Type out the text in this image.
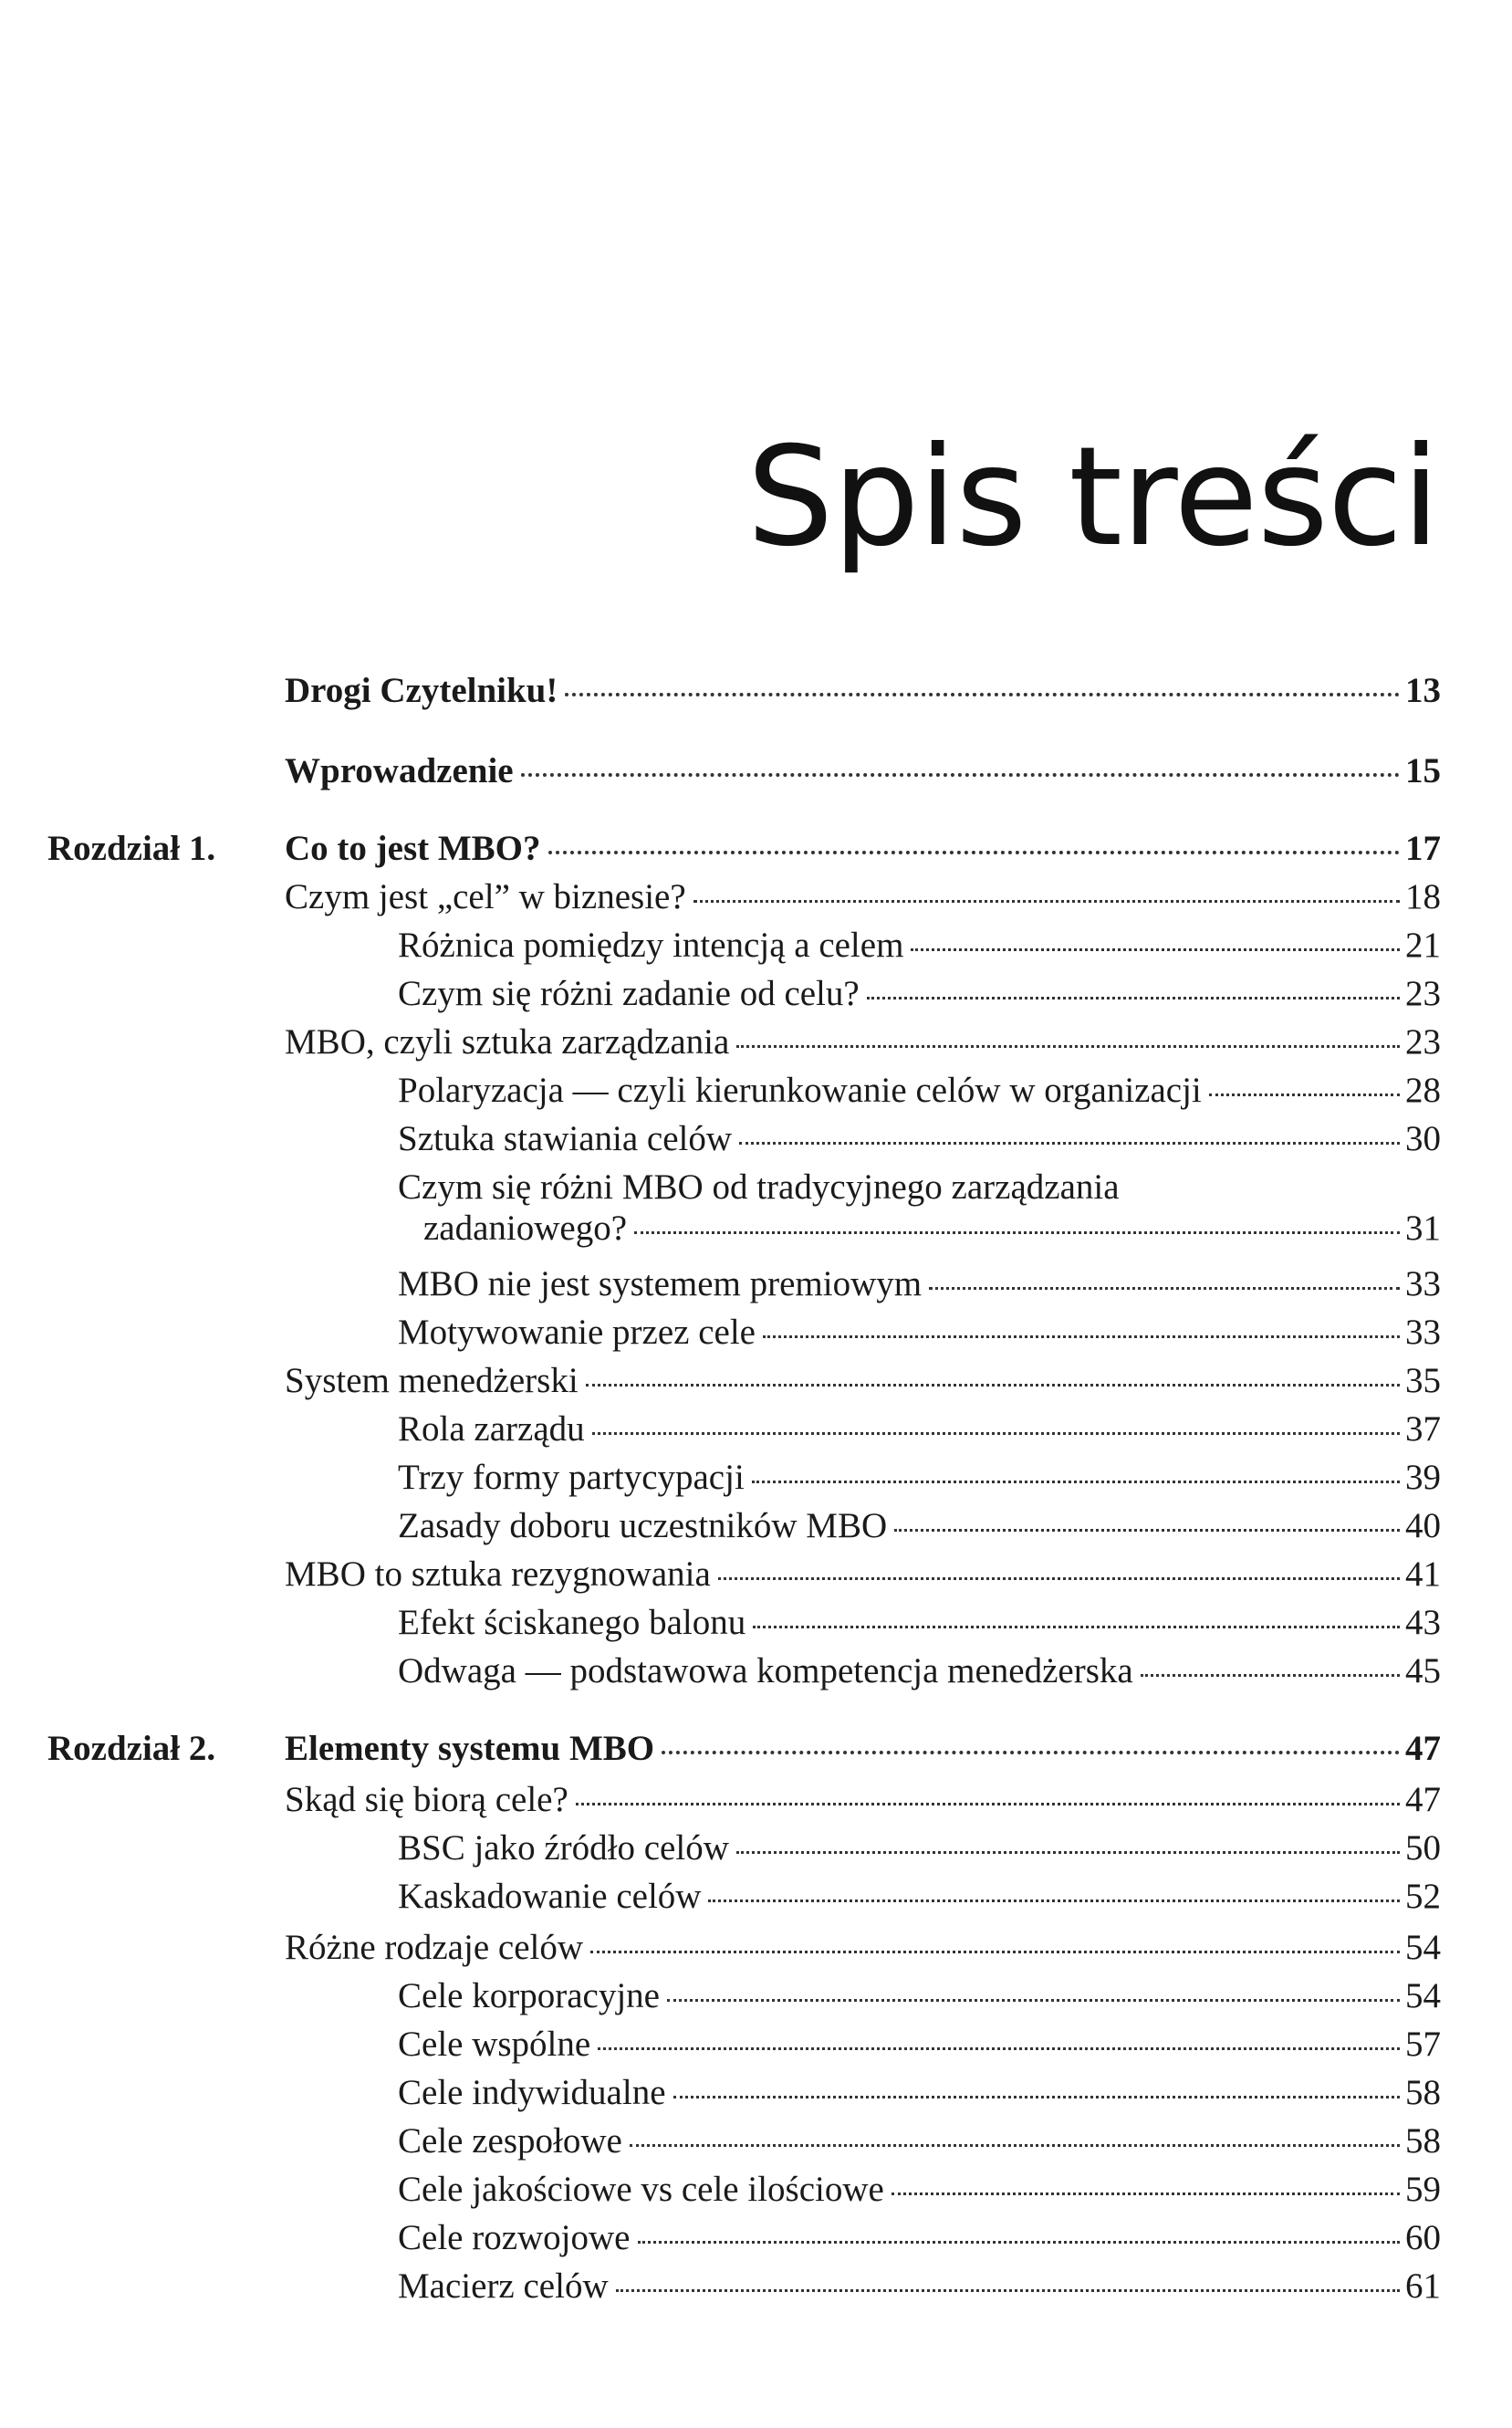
Spis treści
Drogi Czytelniku!	13
Wprowadzenie	15
Rozdział 1. Co to jest MBO?	17
Czym jest „cel” w biznesie?	18
Różnica pomiędzy intencją a celem	21
Czym się różni zadanie od celu?	23
MBO, czyli sztuka zarządzania	23
Polaryzacja — czyli kierunkowanie celów w organizacji	28
Sztuka stawiania celów	30
Czym się różni MBO od tradycyjnego zarządzania
zadaniowego?	31
MBO nie jest systemem premiowym	33
Motywowanie przez cele	33
System menedżerski	35
Rola zarządu	37
Trzy formy partycypacji	39
Zasady doboru uczestników MBO	40
MBO to sztuka rezygnowania	41
Efekt ściskanego balonu	43
Odwaga — podstawowa kompetencja menedżerska	45
Rozdział 2. Elementy systemu MBO	47
Skąd się biorą cele?	47
BSC jako źródło celów	50
Kaskadowanie celów	52
Różne rodzaje celów	54
Cele korporacyjne	54
Cele wspólne	57
Cele indywidualne	58
Cele zespołowe	58
Cele jakościowe vs cele ilościowe	59
Cele rozwojowe	60
Macierz celów	61
